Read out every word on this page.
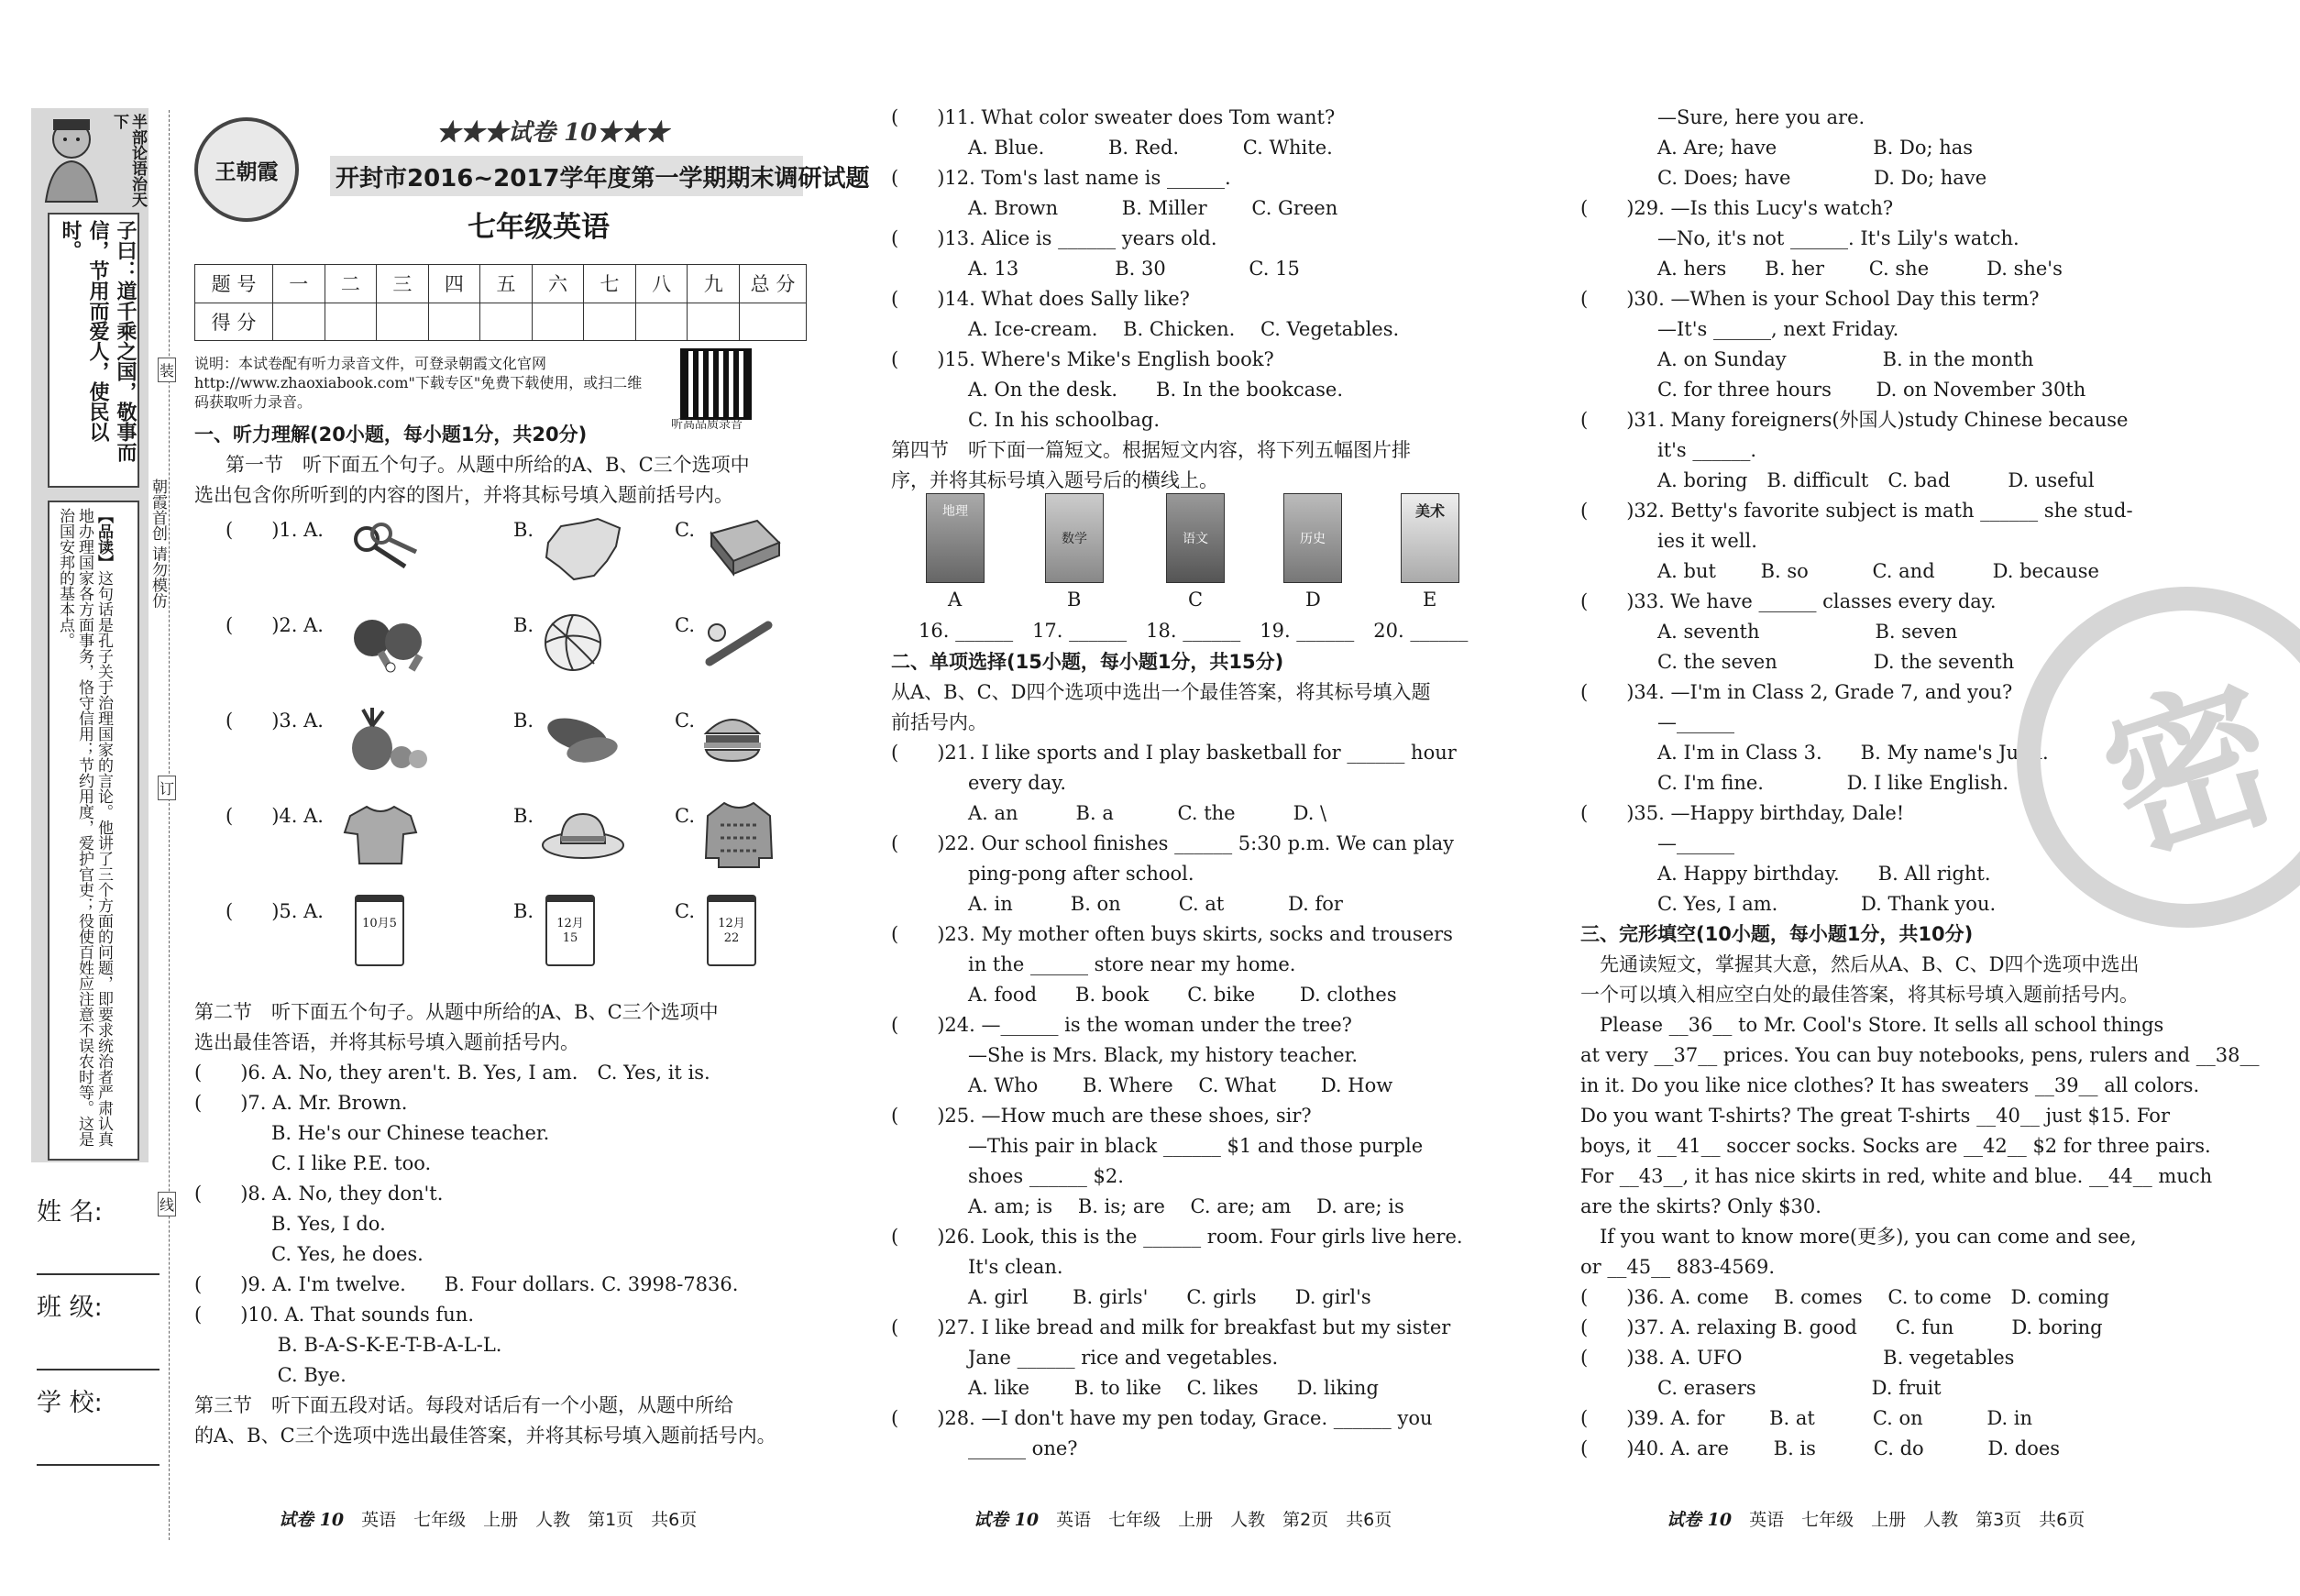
半部论语治天下
子曰：道千乘之国，敬事而信，节用而爱人，使民以时。
【品读】这句话是孔子关于治理国家的言论。他讲了三个方面的问题，即要求统治者严肃认真地办理国家各方面事务，恪守信用；节约用度，爱护官吏；役使百姓应注意不误农时等。这是治国安邦的基本点。
装
订
线
朝霞首创 请勿模仿
姓 名:
班 级:
学 校:
王朝霞
★★★试卷 10★★★
开封市2016~2017学年度第一学期期末调研试题
七年级英语
题 号	一	二	三	四	五	六	七	八	九	总 分
得 分										
说明：本试卷配有听力录音文件，可登录朝霞文化官网 http://www.zhaoxiabook.com"下载专区"免费下载使用，或扫二维码获取听力录音。
听高品质录音
一、听力理解(20小题，每小题1分，共20分)
第一节　听下面五个句子。从题中所给的A、B、C三个选项中
选出包含你所听到的内容的图片，并将其标号填入题前括号内。
(　　)1. A.	B.	C.
(　　)2. A.	B.	C.
(　　)3. A.	B.	C.
(　　)4. A.	B.	C.
(　　)5. A.	B.	C.
10月5	12月15
12月22
第二节　听下面五个句子。从题中所给的A、B、C三个选项中
选出最佳答语，并将其标号填入题前括号内。
(　　)6. A. No, they aren't. B. Yes, I am.　C. Yes, it is.
(　　)7. A. Mr. Brown.
　　　　B. He's our Chinese teacher.
　　　　C. I like P.E. too.
(　　)8. A. No, they don't.
　　　　B. Yes, I do.
　　　　C. Yes, he does.
(　　)9. A. I'm twelve.　　B. Four dollars. C. 3998-7836.
(　　)10. A. That sounds fun.
　　　　 B. B-A-S-K-E-T-B-A-L-L.
　　　　 C. Bye.
第三节　听下面五段对话。每段对话后有一个小题，从题中所给
的A、B、C三个选项中选出最佳答案，并将其标号填入题前括号内。
(　　)11. What color sweater does Tom want?
　　　　A. Blue.　　　 B. Red.　　　 C. White.
(　　)12. Tom's last name is ______.
　　　　A. Brown　　　 B. Miller　　 C. Green
(　　)13. Alice is ______ years old.
　　　　A. 13　　　　　B. 30　　　　 C. 15
(　　)14. What does Sally like?
　　　　A. Ice-cream.　 B. Chicken.　 C. Vegetables.
(　　)15. Where's Mike's English book?
　　　　A. On the desk.　　B. In the bookcase.
　　　　C. In his schoolbag.
第四节　听下面一篇短文。根据短文内容，将下列五幅图片排
序，并将其标号填入题号后的横线上。
地理
数学	语文	历史
美术
A	B	C	D	E
16. ______　17. ______　18. ______　19. ______　20. ______
二、单项选择(15小题，每小题1分，共15分)
从A、B、C、D四个选项中选出一个最佳答案，将其标号填入题
前括号内。
(　　)21. I like sports and I play basketball for ______ hour
　　　　every day.
　　　　A. an　　　B. a　　　 C. the　　　D. \
(　　)22. Our school finishes ______ 5:30 p.m. We can play
　　　　ping-pong after school.
　　　　A. in　　　B. on　　　C. at　　　 D. for
(　　)23. My mother often buys skirts, socks and trousers
　　　　in the ______ store near my home.
　　　　A. food　　B. book　　C. bike　　 D. clothes
(　　)24. —______ is the woman under the tree?
　　　　—She is Mrs. Black, my history teacher.
　　　　A. Who　　 B. Where　 C. What　　 D. How
(　　)25. —How much are these shoes, sir?
　　　　—This pair in black ______ $1 and those purple
　　　　shoes ______ $2.
　　　　A. am; is　 B. is; are　 C. are; am　 D. are; is
(　　)26. Look, this is the ______ room. Four girls live here.
　　　　It's clean.
　　　　A. girl　　 B. girls'　　C. girls　　D. girl's
(　　)27. I like bread and milk for breakfast but my sister
　　　　Jane ______ rice and vegetables.
　　　　A. like　　 B. to like　 C. likes　　D. liking
(　　)28. —I don't have my pen today, Grace. ______ you
　　　　______ one?
　　　　—Sure, here you are.
　　　　A. Are; have　　　　　B. Do; has
　　　　C. Does; have　　　　 D. Do; have
(　　)29. —Is this Lucy's watch?
　　　　—No, it's not ______. It's Lily's watch.
　　　　A. hers　　B. her　　 C. she　　　D. she's
(　　)30. —When is your School Day this term?
　　　　—It's ______, next Friday.
　　　　A. on Sunday　　　　　B. in the month
　　　　C. for three hours　　 D. on November 30th
(　　)31. Many foreigners(外国人)study Chinese because
　　　　it's ______.
　　　　A. boring　B. difficult　C. bad　　　D. useful
(　　)32. Betty's favorite subject is math ______ she stud-
　　　　ies it well.
　　　　A. but　　 B. so　　　 C. and　　　D. because
(　　)33. We have ______ classes every day.
　　　　A. seventh　　　　　　B. seven
　　　　C. the seven　　　　　D. the seventh
(　　)34. —I'm in Class 2, Grade 7, and you?
　　　　—______
　　　　A. I'm in Class 3.　　B. My name's Julia.
　　　　C. I'm fine.　　　　 D. I like English.
(　　)35. —Happy birthday, Dale!
　　　　—______
　　　　A. Happy birthday.　　B. All right.
　　　　C. Yes, I am.　　　　 D. Thank you.
三、完形填空(10小题，每小题1分，共10分)
　先通读短文，掌握其大意，然后从A、B、C、D四个选项中选出
一个可以填入相应空白处的最佳答案，将其标号填入题前括号内。
　Please __36__ to Mr. Cool's Store. It sells all school things
at very __37__ prices. You can buy notebooks, pens, rulers and __38__
in it. Do you like nice clothes? It has sweaters __39__ all colors.
Do you want T-shirts? The great T-shirts __40__ just $15. For
boys, it __41__ soccer socks. Socks are __42__ $2 for three pairs.
For __43__, it has nice skirts in red, white and blue. __44__ much
are the skirts? Only $30.
　If you want to know more(更多), you can come and see,
or __45__ 883-4569.
(　　)36. A. come　 B. comes　 C. to come　D. coming
(　　)37. A. relaxing B. good　　C. fun　　　D. boring
(　　)38. A. UFO　　　　　　　 B. vegetables
　　　　C. erasers　　　　　　D. fruit
(　　)39. A. for　　 B. at　　　C. on　　　 D. in
(　　)40. A. are　　 B. is　　　C. do　　　 D. does
密
试卷 10　 英语　七年级　上册　人教　第1页　共6页	试卷 10　 英语　七年级　上册　人教　第2页　共6页	试卷 10　 英语　七年级　上册　人教　第3页　共6页
